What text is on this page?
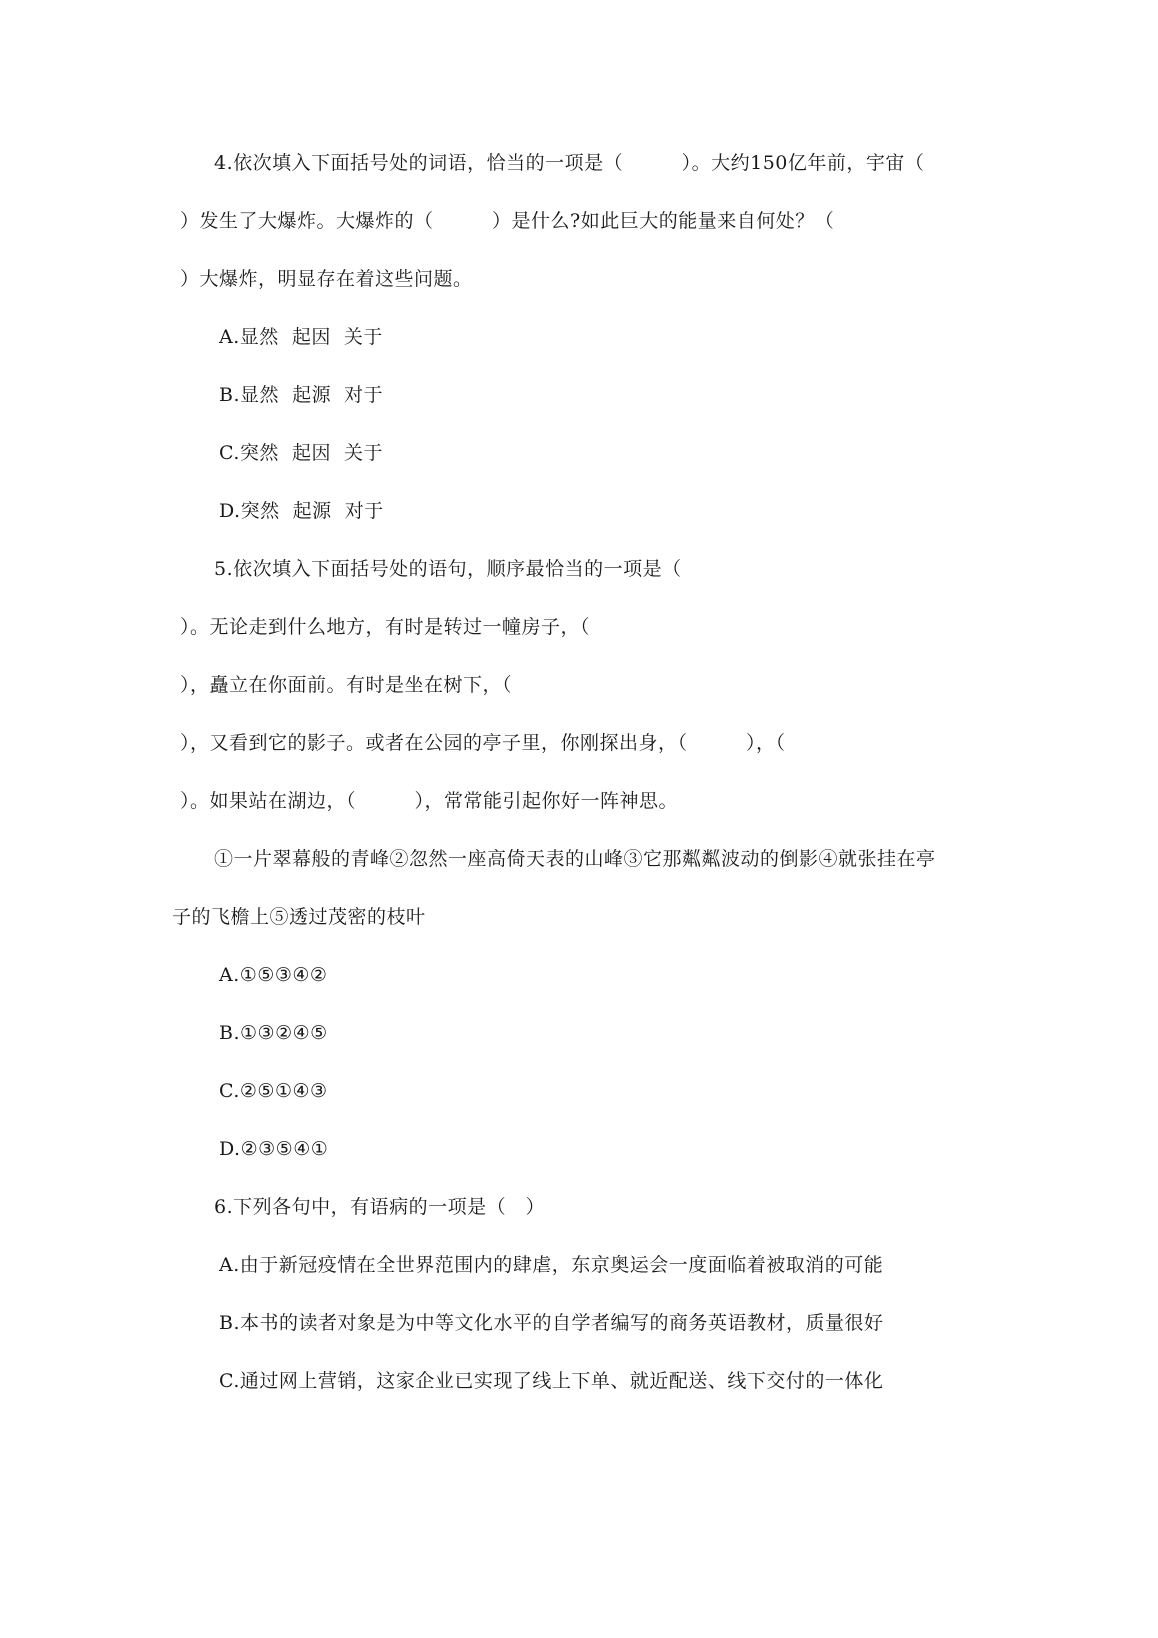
4.依次填入下面括号处的词语，恰当的一项是（　　　）。大约150亿年前，宇宙（
）发生了大爆炸。大爆炸的（　　　）是什么?如此巨大的能量来自何处？（
）大爆炸，明显存在着这些问题。
A.显然  起因  关于
B.显然  起源  对于
C.突然  起因  关于
D.突然  起源  对于
5.依次填入下面括号处的语句，顺序最恰当的一项是（
）。无论走到什么地方，有时是转过一幢房子，（
），矗立在你面前。有时是坐在树下，（
），又看到它的影子。或者在公园的亭子里，你刚探出身，（　　　），（
）。如果站在湖边，（　　　），常常能引起你好一阵神思。
①一片翠幕般的青峰②忽然一座高倚天表的山峰③它那粼粼波动的倒影④就张挂在亭
子的飞檐上⑤透过茂密的枝叶
A.①⑤③④②
B.①③②④⑤
C.②⑤①④③
D.②③⑤④①
6.下列各句中，有语病的一项是（　）
A.由于新冠疫情在全世界范围内的肆虐，东京奥运会一度面临着被取消的可能
B.本书的读者对象是为中等文化水平的自学者编写的商务英语教材，质量很好
C.通过网上营销，这家企业已实现了线上下单、就近配送、线下交付的一体化
